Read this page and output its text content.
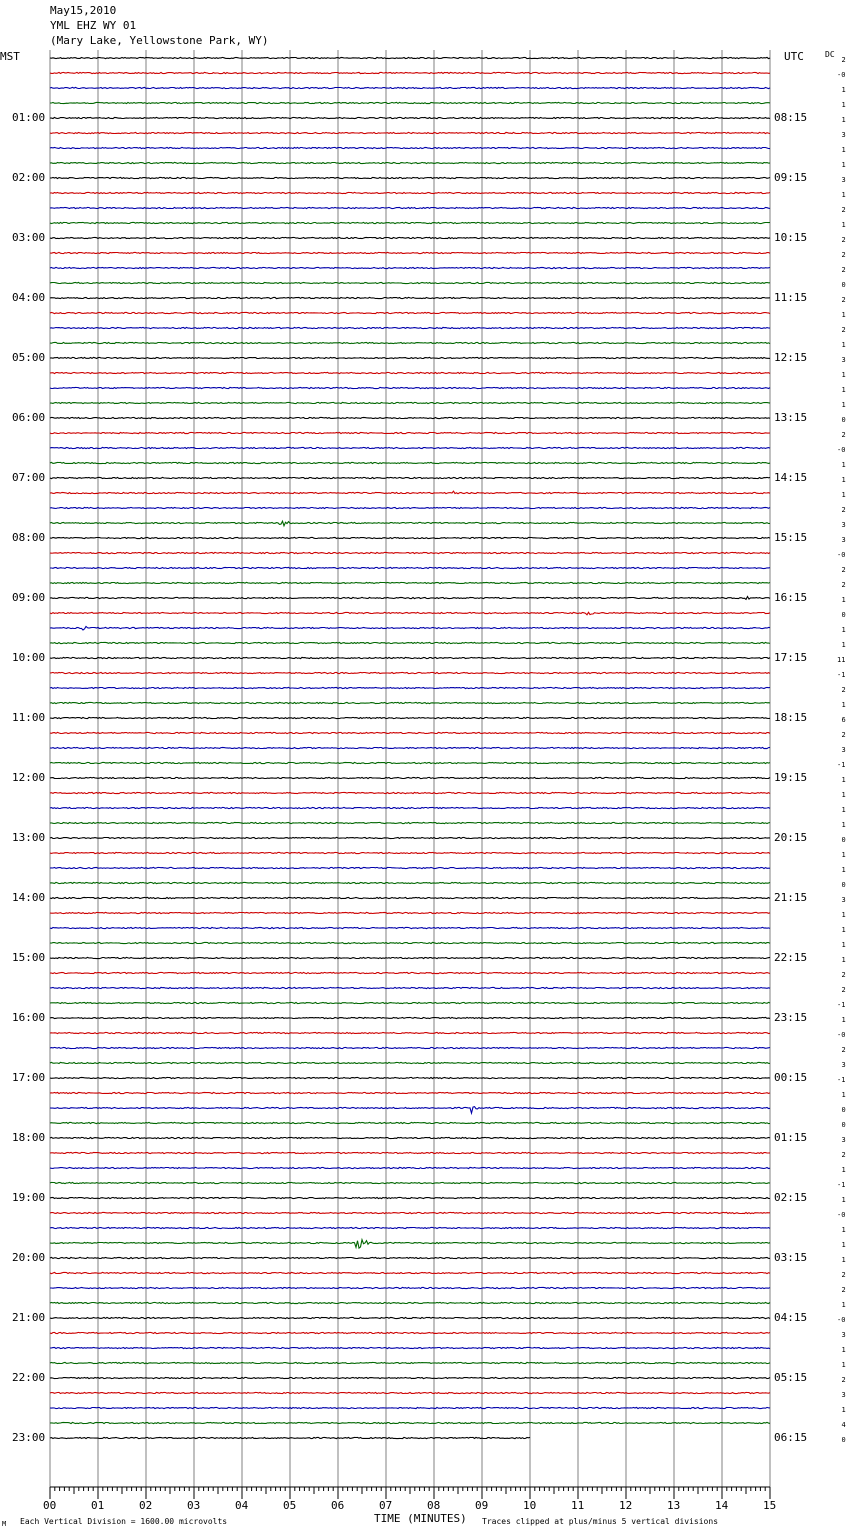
May15,2010
YML EHZ WY 01
(Mary Lake, Yellowstone Park, WY)
MST	UTC	DC
01:00
02:00
03:00
04:00
05:00
06:00
07:00
08:00
09:00
10:00
11:00
12:00
13:00
14:00
15:00
16:00
17:00
18:00
19:00
20:00
21:00
22:00
23:00
08:15
09:15
10:15
11:15
12:15
13:15
14:15
15:15
16:15
17:15
18:15
19:15
20:15
21:15
22:15
23:15
00:15
01:15
02:15
03:15
04:15
05:15
06:15
2
-0
1
1
1
3
1
1
3
1
2
1
2
2
2
0
2
1
2
1
3
1
1
1
0
2
-0
1
1
1
2
3
3
-0
2
2
1
0
1
1
11
-1
2
1
6
2
3
-1
1
1
1
1
0
1
1
0
3
1
1
1
1
2
2
-1
1
-0
2
3
-1
1
0
0
3
2
1
-1
1
-0
1
1
1
2
2
1
-0
3
1
1
2
3
1
4
0
00	01	02	03	04	05	06	07	08	09	10	11	12	13	14	15
M Each Vertical Division = 1600.00 microvolts	TIME (MINUTES) Traces clipped at plus/minus 5 vertical divisions
